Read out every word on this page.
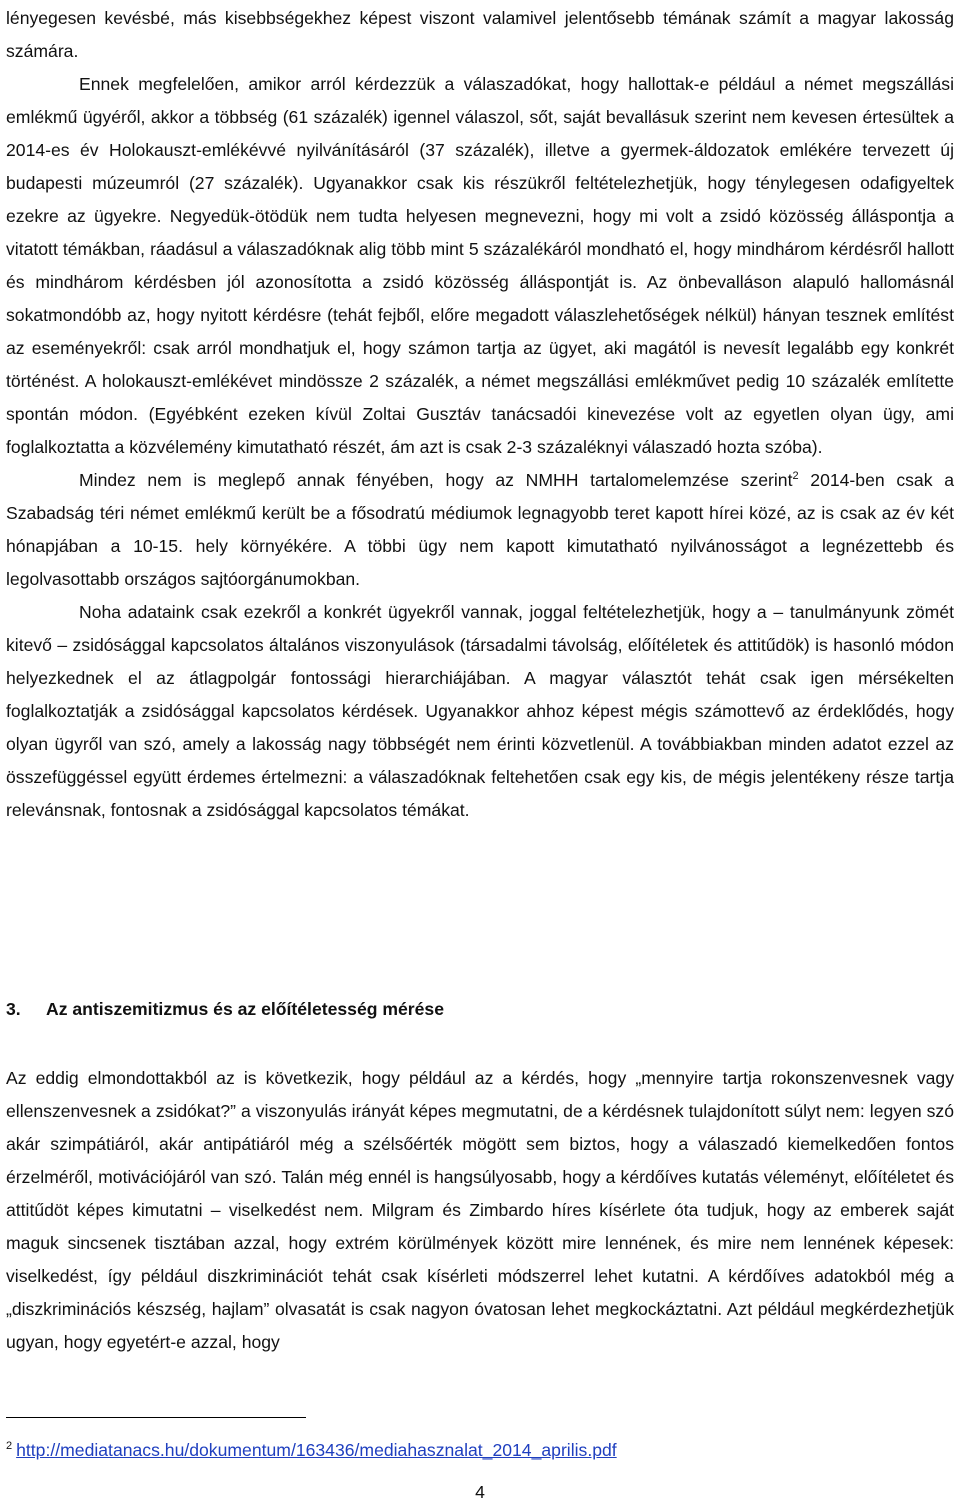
lényegesen kevésbé, más kisebbségekhez képest viszont valamivel jelentősebb témának számít a magyar lakosság számára.

Ennek megfelelően, amikor arról kérdezzük a válaszadókat, hogy hallottak-e például a német megszállási emlékmű ügyéről, akkor a többség (61 százalék) igennel válaszol, sőt, saját bevallásuk szerint nem kevesen értesültek a 2014-es év Holokauszt-emlékévvé nyilvánításáról (37 százalék), illetve a gyermek-áldozatok emlékére tervezett új budapesti múzeumról (27 százalék). Ugyanakkor csak kis részükről feltételezhetjük, hogy ténylegesen odafigyeltek ezekre az ügyekre. Negyedük-ötödük nem tudta helyesen megnevezni, hogy mi volt a zsidó közösség álláspontja a vitatott témákban, ráadásul a válaszadóknak alig több mint 5 százalékáról mondható el, hogy mindhárom kérdésről hallott és mindhárom kérdésben jól azonosította a zsidó közösség álláspontját is. Az önbevalláson alapuló hallomásnál sokatmondóbb az, hogy nyitott kérdésre (tehát fejből, előre megadott válaszlehetőségek nélkül) hányan tesznek említést az eseményekről: csak arról mondhatjuk el, hogy számon tartja az ügyet, aki magától is nevesít legalább egy konkrét történést. A holokauszt-emlékévet mindössze 2 százalék, a német megszállási emlékművet pedig 10 százalék említette spontán módon. (Egyébként ezeken kívül Zoltai Gusztáv tanácsadói kinevezése volt az egyetlen olyan ügy, ami foglalkoztatta a közvélemény kimutatható részét, ám azt is csak 2-3 százaléknyi válaszadó hozta szóba).

Mindez nem is meglepő annak fényében, hogy az NMHH tartalomelemzése szerint$^2$ 2014-ben csak a Szabadság téri német emlékmű került be a fősodratú médiumok legnagyobb teret kapott hírei közé, az is csak az év két hónapjában a 10-15. hely környékére. A többi ügy nem kapott kimutatható nyilvánosságot a legnézettebb és legolvasottabb országos sajtóorgánumokban.

Noha adataink csak ezekről a konkrét ügyekről vannak, joggal feltételezhetjük, hogy a – tanulmányunk zömét kitevő – zsidósággal kapcsolatos általános viszonyulások (társadalmi távolság, előítéletek és attitűdök) is hasonló módon helyezkednek el az átlagpolgár fontossági hierarchiájában. A magyar választót tehát csak igen mérsékelten foglalkoztatják a zsidósággal kapcsolatos kérdések. Ugyanakkor ahhoz képest mégis számottevő az érdeklődés, hogy olyan ügyről van szó, amely a lakosság nagy többségét nem érinti közvetlenül. A továbbiakban minden adatot ezzel az összefüggéssel együtt érdemes értelmezni: a válaszadóknak feltehetően csak egy kis, de mégis jelentékeny része tartja relevánsnak, fontosnak a zsidósággal kapcsolatos témákat.

3. Az antiszemitizmus és az előítéletesség mérése

Az eddig elmondottakból az is következik, hogy például az a kérdés, hogy „mennyire tartja rokonszenvesnek vagy ellenszenvesnek a zsidókat?” a viszonyulás irányát képes megmutatni, de a kérdésnek tulajdonított súlyt nem: legyen szó akár szimpátiáról, akár antipátiáról még a szélsőérték mögött sem biztos, hogy a válaszadó kiemelkedően fontos érzelméről, motivációjáról van szó. Talán még ennél is hangsúlyosabb, hogy a kérdőíves kutatás véleményt, előítéletet és attitűdöt képes kimutatni – viselkedést nem. Milgram és Zimbardo híres kísérlete óta tudjuk, hogy az emberek saját maguk sincsenek tisztában azzal, hogy extrém körülmények között mire lennének, és mire nem lennének képesek: viselkedést, így például diszkriminációt tehát csak kísérleti módszerrel lehet kutatni. A kérdőíves adatokból még a „diszkriminációs készség, hajlam” olvasatát is csak nagyon óvatosan lehet megkockáztatni. Azt például megkérdezhetjük ugyan, hogy egyetért-e azzal, hogy

$^2$ http://mediatanacs.hu/dokumentum/163436/mediahasznalat_2014_aprilis.pdf

4
